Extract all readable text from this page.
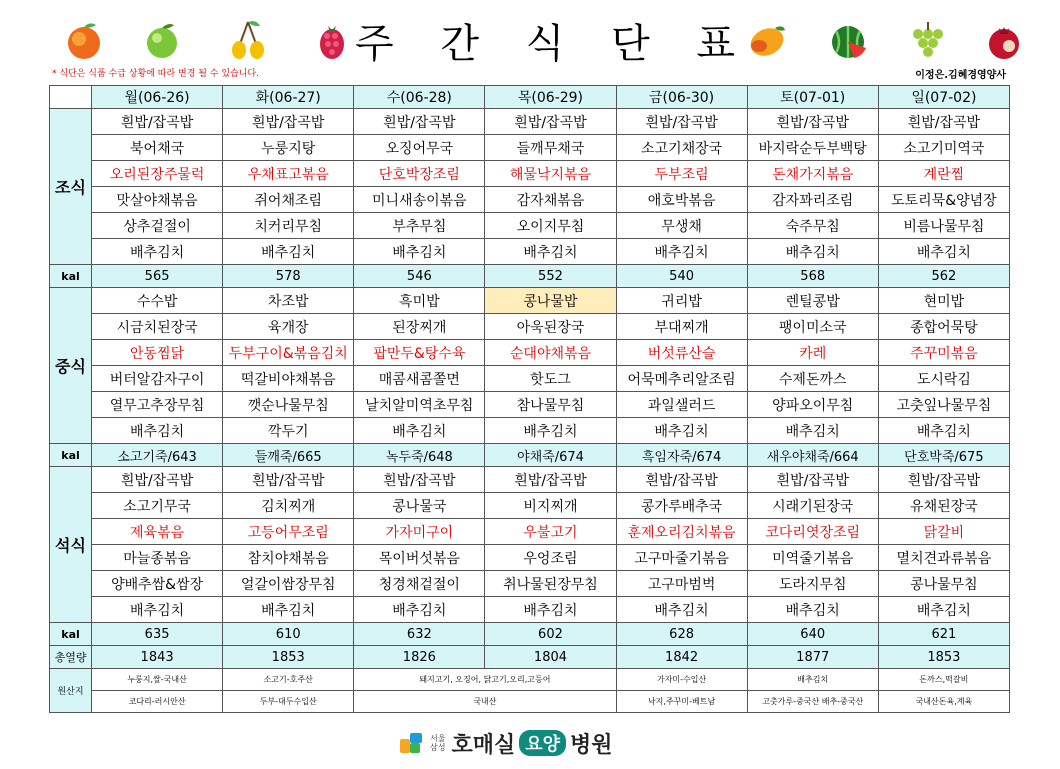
주 간 식 단 표
* 식단은 식품 수급 상황에 따라 변경 될 수 있습니다.	이정은.김혜경영양사
	월(06-26)	화(06-27)	수(06-28)	목(06-29)	금(06-30)	토(07-01)	일(07-02)
조식	흰밥/잡곡밥	흰밥/잡곡밥	흰밥/잡곡밥	흰밥/잡곡밥	흰밥/잡곡밥	흰밥/잡곡밥	흰밥/잡곡밥
	북어채국	누룽지탕	오징어무국	들깨무채국	소고기채장국	바지락순두부백탕	소고기미역국
	오리된장주물럭	우채표고볶음	단호박장조림	해물낙지볶음	두부조림	돈채가지볶음	계란찜
	맛살야채볶음	쥐어채조림	미니새송이볶음	감자채볶음	애호박볶음	감자꽈리조림	도토리묵&양념장
	상추겉절이	치커리무침	부추무침	오이지무침	무생채	숙주무침	비름나물무침
	배추김치	배추김치	배추김치	배추김치	배추김치	배추김치	배추김치
kal	565	578	546	552	540	568	562
중식	수수밥	차조밥	흑미밥	콩나물밥	귀리밥	렌틸콩밥	현미밥
	시금치된장국	육개장	된장찌개	아욱된장국	부대찌개	팽이미소국	종합어묵탕
	안동찜닭	두부구이&볶음김치	팝만두&탕수육	순대야채볶음	버섯류산슬	카레	주꾸미볶음
	버터알감자구이	떡갈비야채볶음	매콤새콤쫄면	핫도그	어묵메추리알조림	수제돈까스	도시락김
	열무고추장무침	깻순나물무침	날치알미역초무침	참나물무침	과일샐러드	양파오이무침	고춧잎나물무침
	배추김치	깍두기	배추김치	배추김치	배추김치	배추김치	배추김치
kal	소고기죽/643	들깨죽/665	녹두죽/648	야채죽/674	흑임자죽/674	새우야채죽/664	단호박죽/675
석식	흰밥/잡곡밥	흰밥/잡곡밥	흰밥/잡곡밥	흰밥/잡곡밥	흰밥/잡곡밥	흰밥/잡곡밥	흰밥/잡곡밥
	소고기무국	김치찌개	콩나물국	비지찌개	콩가루배추국	시래기된장국	유채된장국
	제육볶음	고등어무조림	가자미구이	우불고기	훈제오리김치볶음	코다리엿장조림	닭갈비
	마늘종볶음	참치야채볶음	목이버섯볶음	우엉조림	고구마줄기볶음	미역줄기볶음	멸치견과류볶음
	양배추쌈&쌈장	얼갈이쌈장무침	청경채겉절이	취나물된장무침	고구마범벅	도라지무침	콩나물무침
	배추김치	배추김치	배추김치	배추김치	배추김치	배추김치	배추김치
kal	635	610	632	602	628	640	621
총열량	1843	1853	1826	1804	1842	1877	1853
원산지	누룽지,쌀-국내산	소고기-호주산	돼지고기, 오징어, 닭고기,오리,고등어		가자미-수입산	배추김치	돈까스,떡갈비
	코다리-러시안산	두부-대두수입산	국내산		낙지,주꾸미-베트남	고춧가루-중국산 배추-중국산	국내산돈육,계육
서울
삼성 호매실 요양 병원
